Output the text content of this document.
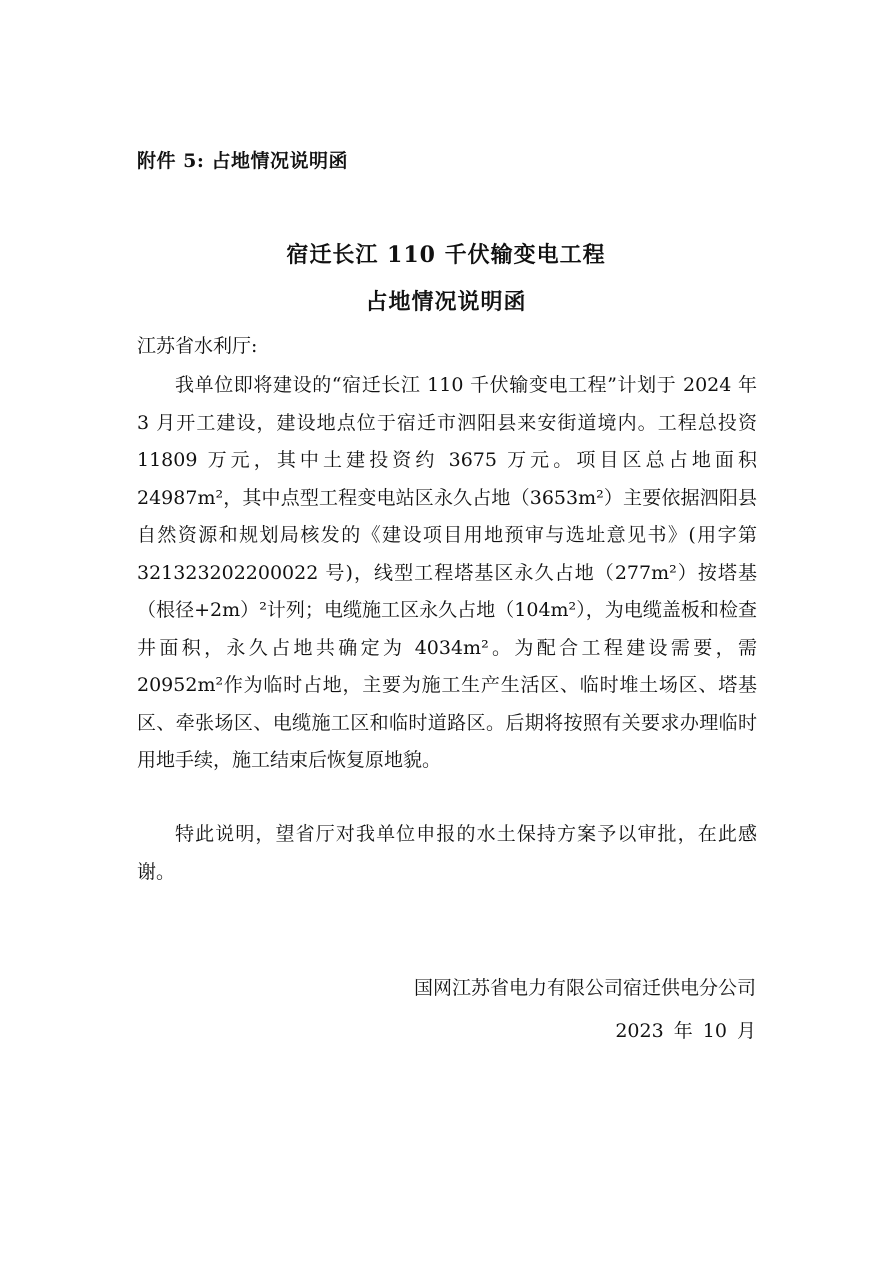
附件 5: 占地情况说明函
宿迁长江 110 千伏输变电工程
占地情况说明函
江苏省水利厅:

我单位即将建设的“宿迁长江 110 千伏输变电工程”计划于 2024 年 3 月开工建设，建设地点位于宿迁市泗阳县来安街道境内。工程总投资 11809 万元，其中土建投资约 3675 万元。项目区总占地面积 24987m²，其中点型工程变电站区永久占地（3653m²）主要依据泗阳县自然资源和规划局核发的《建设项目用地预审与选址意见书》(用字第 321323202200022 号)，线型工程塔基区永久占地（277m²）按塔基（根径+2m）²计列；电缆施工区永久占地（104m²），为电缆盖板和检查井面积，永久占地共确定为 4034m²。为配合工程建设需要，需 20952m²作为临时占地，主要为施工生产生活区、临时堆土场区、塔基区、牵张场区、电缆施工区和临时道路区。后期将按照有关要求办理临时用地手续，施工结束后恢复原地貌。

特此说明，望省厅对我单位申报的水土保持方案予以审批，在此感谢。

国网江苏省电力有限公司宿迁供电分公司
2023 年 10 月
